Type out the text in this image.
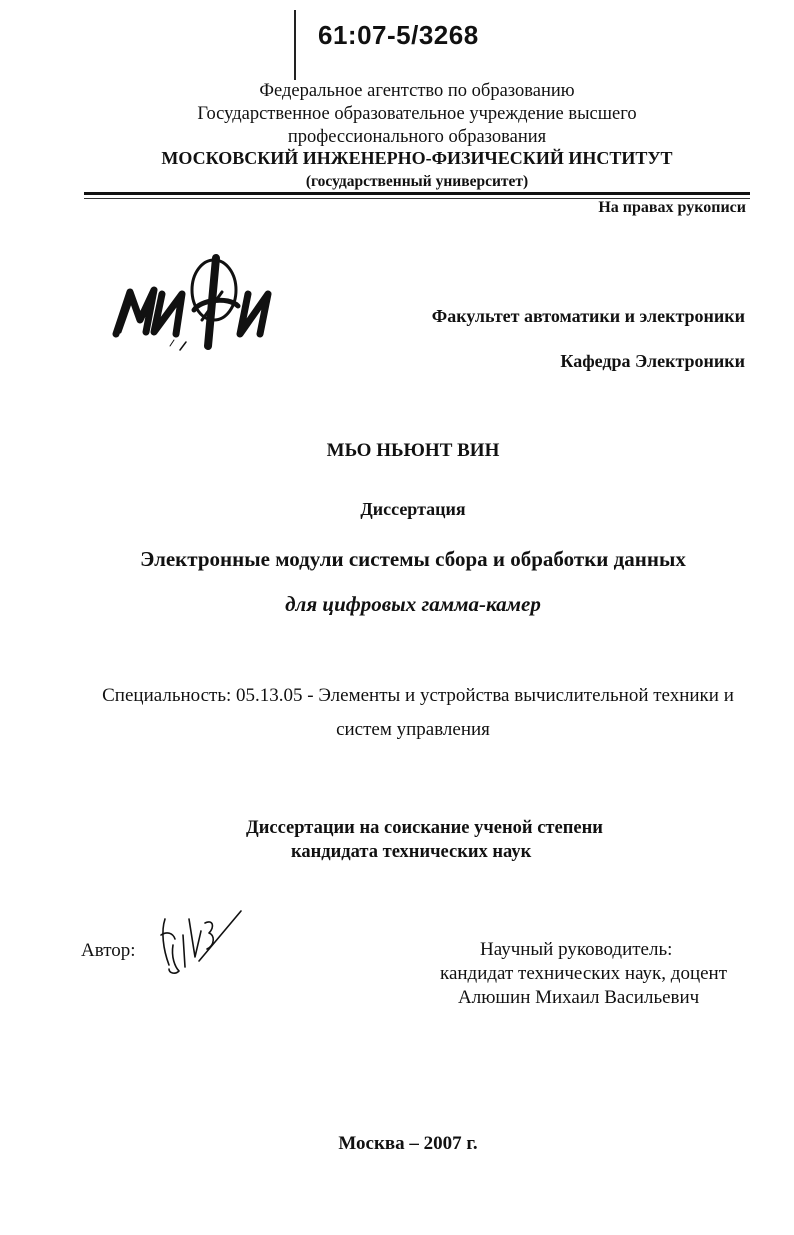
61:07-5/3268
Федеральное агентство по образованию
Государственное образовательное учреждение высшего
профессионального образования
МОСКОВСКИЙ ИНЖЕНЕРНО-ФИЗИЧЕСКИЙ ИНСТИТУТ
(государственный университет)
На правах рукописи
Факультет автоматики и электроники
Кафедра Электроники
МЬО НЬЮНТ ВИН
Диссертация
Электронные модули системы сбора и обработки данных
для цифровых гамма-камер
Специальность: 05.13.05 - Элементы и устройства вычислительной техники и
систем управления
Диссертации на соискание ученой степени
кандидата технических наук
Автор:	Научный руководитель:
кандидат технических наук, доцент
Алюшин Михаил Васильевич
Москва – 2007 г.
